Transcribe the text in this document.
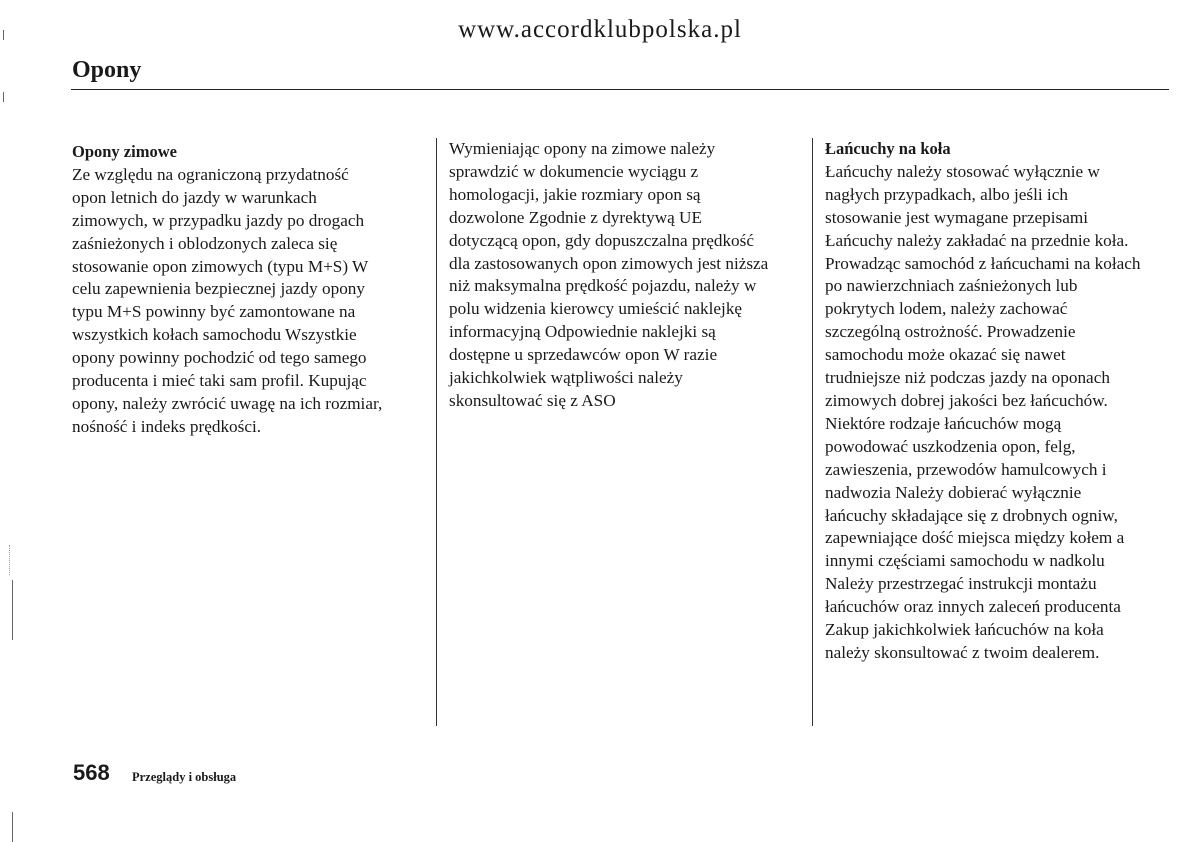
www.accordklubpolska.pl
Opony

Opony zimowe

Ze względu na ograniczoną przydatność

opon letnich do jazdy w warunkach

zimowych, w przypadku jazdy po drogach

zaśnieżonych i oblodzonych zaleca się

stosowanie opon zimowych (typu M+S) W

celu zapewnienia bezpiecznej jazdy opony

typu M+S powinny być zamontowane na

wszystkich kołach samochodu Wszystkie

opony powinny pochodzić od tego samego

producenta i mieć taki sam profil. Kupując

opony, należy zwrócić uwagę na ich rozmiar,

nośność i indeks prędkości.

Wymieniając opony na zimowe należy

sprawdzić w dokumencie wyciągu z

homologacji, jakie rozmiary opon są

dozwolone Zgodnie z dyrektywą UE

dotyczącą opon, gdy dopuszczalna prędkość

dla zastosowanych opon zimowych jest niższa

niż maksymalna prędkość pojazdu, należy w

polu widzenia kierowcy umieścić naklejkę

informacyjną Odpowiednie naklejki są

dostępne u sprzedawców opon W razie

jakichkolwiek wątpliwości należy

skonsultować się z ASO

Łańcuchy na koła

Łańcuchy należy stosować wyłącznie w

nagłych przypadkach, albo jeśli ich

stosowanie jest wymagane przepisami

Łańcuchy należy zakładać na przednie koła.

Prowadząc samochód z łańcuchami na kołach

po nawierzchniach zaśnieżonych lub

pokrytych lodem, należy zachować

szczególną ostrożność. Prowadzenie

samochodu może okazać się nawet

trudniejsze niż podczas jazdy na oponach

zimowych dobrej jakości bez łańcuchów.

Niektóre rodzaje łańcuchów mogą

powodować uszkodzenia opon, felg,

zawieszenia, przewodów hamulcowych i

nadwozia Należy dobierać wyłącznie

łańcuchy składające się z drobnych ogniw,

zapewniające dość miejsca między kołem a

innymi częściami samochodu w nadkolu

Należy przestrzegać instrukcji montażu

łańcuchów oraz innych zaleceń producenta

Zakup jakichkolwiek łańcuchów na koła

należy skonsultować z twoim dealerem.

568 Przeglądy i obsługa
